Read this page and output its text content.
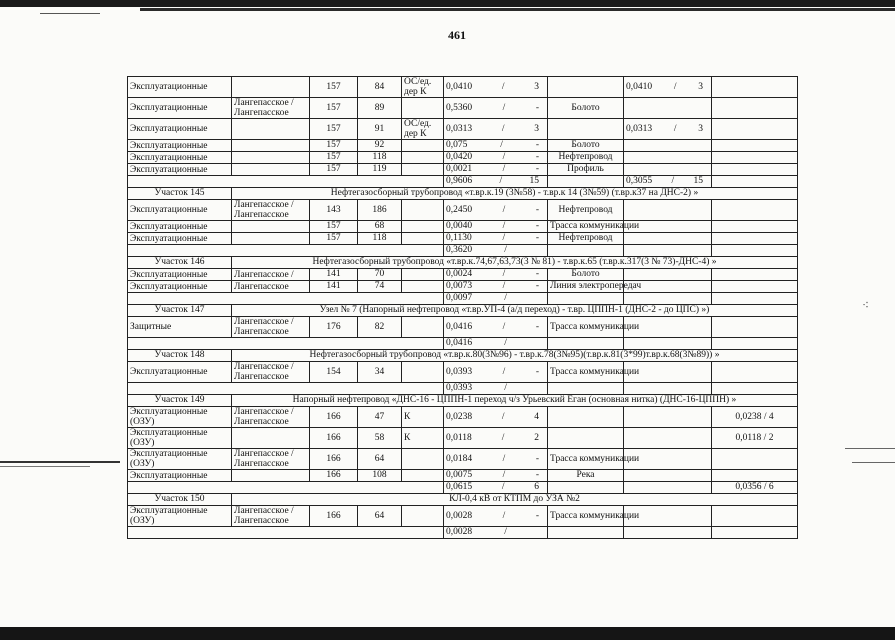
⁖
461
Эксплуатационные		157	84	ОС/ед. дер К	0,0410 / 3		0,0410 / 3	

Эксплуатационные	Лангепасское / Лангепасское	157	89		0,5360 / -	Болото		
Эксплуатационные		157	91	ОС/ед. дер К	0,0313 / 3		0,0313 / 3	

Эксплуатационные		157	92		0,075 / -	Болото		
Эксплуатационные		157	118		0,0420 / -	Нефтепровод		
Эксплуатационные		157	119		0,0021 / -	Профиль		

					0,9606 / 15		0,3055 / 15	

Участок 145	Нефтегазосборный трубопровод «т.вр.к.19 (3№58) - т.вр.к 14 (3№59) (т.вр.к37 на ДНС-2) »							
Эксплуатационные	Лангепасское / Лангепасское	143	186		0,2450 / -	Нефтепровод		
Эксплуатационные		157	68		0,0040 / -	Трасса коммуникации		
Эксплуатационные		157	118		0,1130 / -	Нефтепровод		

					0,3620 /			

Участок 146	Нефтегазосборный трубопровод «т.вр.к.74,67,63,73(3 № 81) - т.вр.к.65 (т.вр.к.317(3 № 73)-ДНС-4) »							
Эксплуатационные	Лангепасское /	141	70		0,0024 / -	Болото		
Эксплуатационные	Лангепасское	141	74		0,0073 / -	Линия электропередач		

					0,0097 /			

Участок 147	Узел № 7 (Напорный нефтепровод «т.вр.УП-4 (а/д переход) - т.вр. ЦППН-1 (ДНС-2 - до ЦПС) »)							
Защитные	Лангепасское / Лангепасское	176	82		0,0416 / -	Трасса коммуникации		

					0,0416 /			

Участок 148	Нефтегазосборный трубопровод «т.вр.к.80(3№96) - т.вр.к.78(3№95)(т.вр.к.81(3*99)т.вр.к.68(3№89)) »							
Эксплуатационные	Лангепасское / Лангепасское	154	34		0,0393 / -	Трасса коммуникации		

					0,0393 /			

Участок 149	Напорный нефтепровод «ДНС-16 - ЦППН-1 переход ч/з Урьевский Еган (основная нитка) (ДНС-16-ЦППН) »							
Эксплуатационные (ОЗУ)	Лангепасское / Лангепасское	166	47	К	0,0238 / 4			0,0238 / 4
Эксплуатационные (ОЗУ)		166	58	К	0,0118 / 2			0,0118 / 2
Эксплуатационные (ОЗУ)	Лангепасское / Лангепасское	166	64		0,0184 / -	Трасса коммуникации		
Эксплуатационные		166	108		0,0075 / -	Река		

					0,0615 / 6			0,0356 / 6
Участок 150	КЛ-0,4 кВ от КТПМ до УЗА №2							
Эксплуатационные (ОЗУ)	Лангепасское / Лангепасское	166	64		0,0028 / -	Трасса коммуникации		

					0,0028 /			
